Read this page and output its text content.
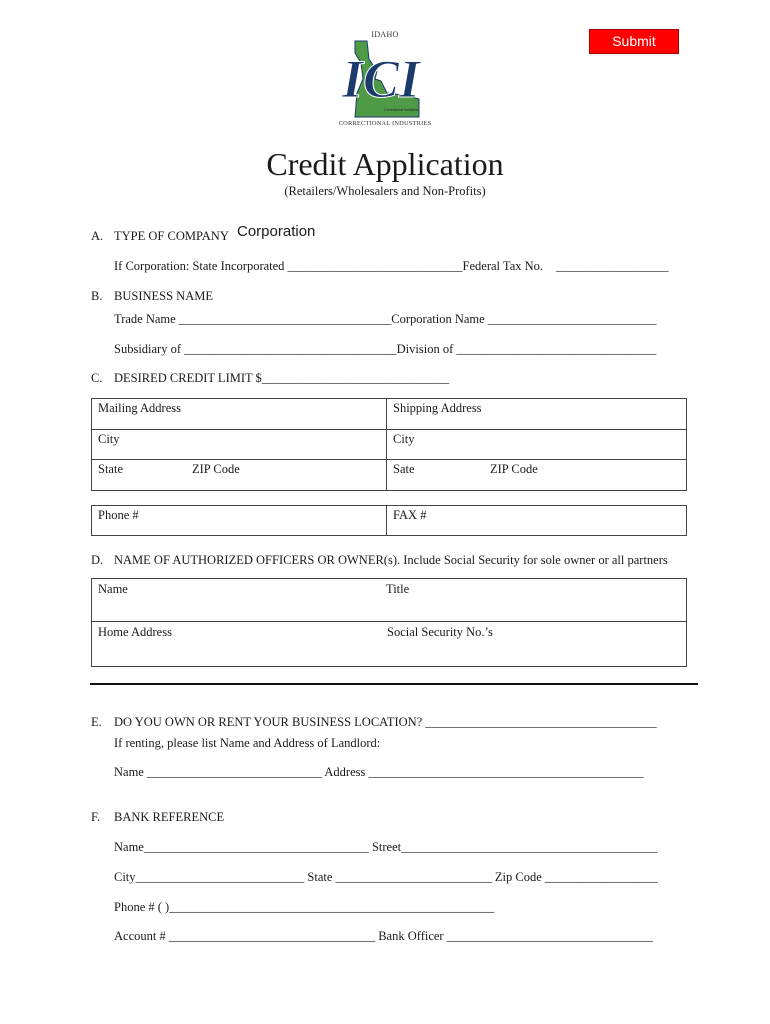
Submit
IDAHO
ICI
Correctional Industries
CORRECTIONAL INDUSTRIES
Credit Application
(Retailers/Wholesalers and Non-Profits)
A. TYPE OF COMPANY Corporation
If Corporation: State Incorporated ____________________________Federal Tax No. __________________
B. BUSINESS NAME
Trade Name __________________________________Corporation Name ___________________________
Subsidiary of __________________________________Division of ________________________________
C. DESIRED CREDIT LIMIT $______________________________
Mailing Address	Shipping Address
City	City
State	ZIP Code	Sate	ZIP Code
Phone #	FAX #
D. NAME OF AUTHORIZED OFFICERS OR OWNER(s). Include Social Security for sole owner or all partners
Name	Title
Home Address	Social Security No.’s
E. DO YOU OWN OR RENT YOUR BUSINESS LOCATION? _____________________________________
If renting, please list Name and Address of Landlord:
Name ____________________________ Address ____________________________________________
F. BANK REFERENCE
Name____________________________________ Street_________________________________________
City___________________________ State _________________________ Zip Code __________________
Phone # ( )____________________________________________________
Account # _________________________________ Bank Officer _________________________________
